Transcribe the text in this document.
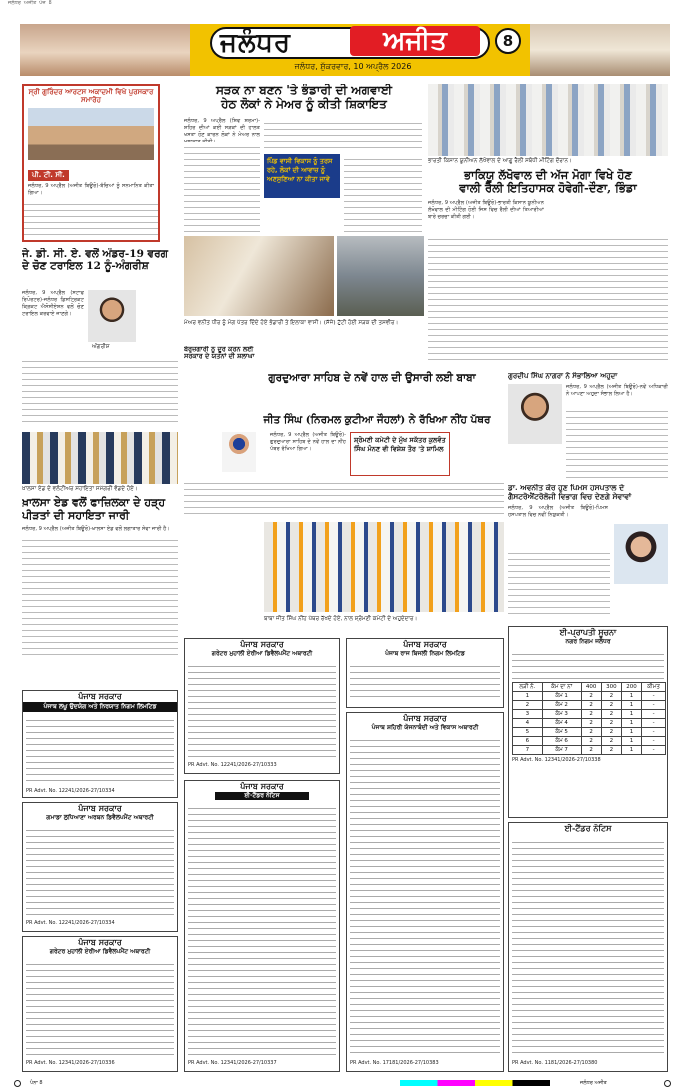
ਜਲੰਧਰ ਅਜੀਤ ਪੇਜ 8
ਜਲੰਧਰ	ਅਜੀਤ	8
ਜਲੰਧਰ, ਸ਼ੁੱਕਰਵਾਰ, 10 ਅਪ੍ਰੈਲ 2026
ਸ੍ਰੀ ਗੁਰਿੰਦਰ ਆਰਟਸ ਅਕਾਦਮੀ ਵਿਖੇ ਪੁਰਸਕਾਰ ਸਮਾਰੋਹ
ਪੀ. ਟੀ. ਸੀ.
ਜਲੰਧਰ, 9 ਅਪ੍ਰੈਲ (ਅਜੀਤ ਬਿਊਰੋ)-ਬੱਚਿਆਂ ਨੂੰ ਸਨਮਾਨਿਤ ਕੀਤਾ ਗਿਆ।
ਜੇ. ਡੀ. ਸੀ. ਏ. ਵਲੋਂ ਅੰਡਰ-19 ਵਰਗ ਦੇ ਚੋਣ ਟਰਾਇਲ 12 ਨੂੰ-ਅੰਗਰੀਸ਼
ਅੰਗਰੀਸ਼
ਜਲੰਧਰ, 9 ਅਪ੍ਰੈਲ (ਸਟਾਫ ਰਿਪੋਰਟਰ)-ਜਲੰਧਰ ਡਿਸਟ੍ਰਿਕਟ ਕ੍ਰਿਕਟ ਐਸੋਸੀਏਸ਼ਨ ਵਲੋਂ ਚੋਣ ਟਰਾਇਲ ਕਰਵਾਏ ਜਾਣਗੇ।
ਸੜਕ ਨਾ ਬਣਨ 'ਤੇ ਭੰਡਾਰੀ ਦੀ ਅਗਵਾਈ
ਹੇਠ ਲੋਕਾਂ ਨੇ ਮੇਅਰ ਨੂੰ ਕੀਤੀ ਸ਼ਿਕਾਇਤ
ਜਲੰਧਰ, 9 ਅਪ੍ਰੈਲ (ਸ਼ਿਵ ਸ਼ਰਮਾ)-ਸ਼ਹਿਰ ਦੀਆਂ ਕਈ ਸੜਕਾਂ ਦੀ ਹਾਲਤ ਖਸਤਾ ਹੋਣ ਕਾਰਨ ਲੋਕਾਂ ਨੇ ਮੇਅਰ ਨਾਲ
ਪਿੰਡ ਵਾਸੀ ਵਿਕਾਸ ਨੂੰ ਤਰਸ ਰਹੇ, ਲੋਕਾਂ ਦੀ ਆਵਾਜ਼ ਨੂੰ ਅਣਸੁਣਿਆ ਨਾ ਕੀਤਾ ਜਾਵੇ
ਮੇਅਰ ਵਨੀਤ ਧੀਰ ਨੂੰ ਮੰਗ ਪੱਤਰ ਦਿੰਦੇ ਹੋਏ ਭੰਡਾਰੀ ਤੇ ਇਲਾਕਾ ਵਾਸੀ। (ਸੱਜੇ) ਟੁੱਟੀ ਹੋਈ ਸੜਕ ਦੀ ਤਸਵੀਰ।
ਭਾਰਤੀ ਕਿਸਾਨ ਯੂਨੀਅਨ ਲੱਖੋਵਾਲ ਦੇ ਆਗੂ ਰੈਲੀ ਸਬੰਧੀ ਮੀਟਿੰਗ ਦੌਰਾਨ।
ਭਾਕਿਯੂ ਲੱਖੋਵਾਲ ਦੀ ਅੱਜ ਮੋਗਾ ਵਿਖੇ ਹੋਣ
ਵਾਲੀ ਰੈਲੀ ਇਤਿਹਾਸਕ ਹੋਵੇਗੀ-ਦੌਣਾ, ਭਿੰਡਾ
ਜਲੰਧਰ, 9 ਅਪ੍ਰੈਲ (ਅਜੀਤ ਬਿਊਰੋ)-ਭਾਰਤੀ ਕਿਸਾਨ ਯੂਨੀਅਨ ਲੱਖੋਵਾਲ ਦੀ ਮੀਟਿੰਗ ਹੋਈ ਜਿਸ ਵਿਚ ਰੈਲੀ ਦੀਆਂ ਤਿਆਰੀਆਂ ਬਾਰੇ ਚਰਚਾ ਕੀਤੀ ਗਈ।
ਬੇਰੁਜ਼ਗਾਰੀ ਨੂੰ ਦੂਰ ਕਰਨ ਲਈ ਸਰਕਾਰ ਦੇ ਯਤਨਾਂ ਦੀ ਸ਼ਲਾਘਾ
ਗੁਰਦੁਆਰਾ ਸਾਹਿਬ ਦੇ ਨਵੇਂ ਹਾਲ ਦੀ ਉਸਾਰੀ ਲਈ ਬਾਬਾ
ਜੀਤ ਸਿੰਘ (ਨਿਰਮਲ ਕੁਟੀਆ ਜੌਹਲਾਂ) ਨੇ ਰੱਖਿਆ ਨੀਂਹ ਪੱਥਰ
ਸ਼੍ਰੋਮਣੀ ਕਮੇਟੀ ਦੇ ਮੁੱਖ ਸਕੱਤਰ ਕੁਲਵੰਤ ਸਿੰਘ ਮੰਨਣ ਵੀ ਵਿਸ਼ੇਸ਼ ਤੌਰ 'ਤੇ ਸ਼ਾਮਿਲ
ਜਲੰਧਰ, 9 ਅਪ੍ਰੈਲ (ਅਜੀਤ ਬਿਊਰੋ)-ਗੁਰਦੁਆਰਾ ਸਾਹਿਬ ਦੇ ਨਵੇਂ ਹਾਲ ਦਾ ਨੀਂਹ ਪੱਥਰ ਰੱਖਿਆ ਗਿਆ।
ਬਾਬਾ ਜੀਤ ਸਿੰਘ ਨੀਂਹ ਪੱਥਰ ਰੱਖਦੇ ਹੋਏ, ਨਾਲ ਸ਼੍ਰੋਮਣੀ ਕਮੇਟੀ ਦੇ ਅਹੁਦੇਦਾਰ।
ਖ਼ਾਲਸਾ ਏਡ ਦੇ ਵਲੰਟੀਅਰ ਸਹਾਇਤਾ ਸਮੱਗਰੀ ਵੰਡਦੇ ਹੋਏ।
ਖ਼ਾਲਸਾ ਏਡ ਵਲੋਂ ਫਾਜ਼ਿਲਕਾ ਦੇ ਹੜ੍ਹ ਪੀੜਤਾਂ ਦੀ ਸਹਾਇਤਾ ਜਾਰੀ
ਜਲੰਧਰ, 9 ਅਪ੍ਰੈਲ (ਅਜੀਤ ਬਿਊਰੋ)-ਖ਼ਾਲਸਾ ਏਡ ਵਲੋਂ ਲਗਾਤਾਰ ਸੇਵਾ ਜਾਰੀ ਹੈ।
ਗੁਰਦੀਪ ਸਿੰਘ ਨਾਗਰਾ ਨੇ ਸੰਭਾਲਿਆ ਅਹੁਦਾ
ਜਲੰਧਰ, 9 ਅਪ੍ਰੈਲ (ਅਜੀਤ ਬਿਊਰੋ)-ਨਵੇਂ ਅਧਿਕਾਰੀ ਨੇ ਆਪਣਾ ਅਹੁਦਾ ਸੰਭਾਲ ਲਿਆ ਹੈ।
ਡਾ. ਅਵਨੀਤ ਕੌਰ ਹੁਣ ਪਿਮਸ ਹਸਪਤਾਲ ਦੇ ਗੈਸਟਰੋਐਂਟਰੋਲੋਜੀ ਵਿਭਾਗ ਵਿਚ ਦੇਣਗੇ ਸੇਵਾਵਾਂ
ਜਲੰਧਰ, 9 ਅਪ੍ਰੈਲ (ਅਜੀਤ ਬਿਊਰੋ)-ਪਿਮਸ ਹਸਪਤਾਲ ਵਿਚ ਨਵੀਂ ਨਿਯੁਕਤੀ।
ਪੰਜਾਬ ਸਰਕਾਰ
ਪੰਜਾਬ ਲਘੂ ਉਦਯੋਗ ਅਤੇ ਨਿਰਯਾਤ ਨਿਗਮ ਲਿਮਟਿਡ
PR Advt. No. 12241/2026-27/10334
ਪੰਜਾਬ ਸਰਕਾਰ
ਗਮਾਡਾ ਲੁਧਿਆਣਾ ਅਰਬਨ ਡਿਵੈਲਪਮੈਂਟ ਅਥਾਰਟੀ
PR Advt. No. 12241/2026-27/10334
ਪੰਜਾਬ ਸਰਕਾਰ
ਗਰੇਟਰ ਮੁਹਾਲੀ ਏਰੀਆ ਡਿਵੈਲਪਮੈਂਟ ਅਥਾਰਟੀ
PR Advt. No. 12341/2026-27/10336
ਪੰਜਾਬ ਸਰਕਾਰ
ਗਰੇਟਰ ਮੁਹਾਲੀ ਏਰੀਆ ਡਿਵੈਲਪਮੈਂਟ ਅਥਾਰਟੀ
PR Advt. No. 12241/2026-27/10333
ਪੰਜਾਬ ਸਰਕਾਰ
ਈ-ਟੈਂਡਰ ਨੋਟਿਸ
PR Advt. No. 12341/2026-27/10337
ਪੰਜਾਬ ਸਰਕਾਰ
ਪੰਜਾਬ ਰਾਜ ਬਿਜਲੀ ਨਿਗਮ ਲਿਮਟਿਡ
ਪੰਜਾਬ ਸਰਕਾਰ
ਪੰਜਾਬ ਸ਼ਹਿਰੀ ਯੋਜਨਾਬੰਦੀ ਅਤੇ ਵਿਕਾਸ ਅਥਾਰਟੀ
PR Advt. No. 17181/2026-27/10383
ਈ-ਪ੍ਰਾਪਤੀ ਸੂਚਨਾ
ਨਗਰ ਨਿਗਮ ਜਲੰਧਰ
ਲੜੀ ਨੰ.	ਕੰਮ ਦਾ ਨਾਂ	400	300	200	ਕੀਮਤ
1	ਕੰਮ 1	2	2	1	-
2	ਕੰਮ 2	2	2	1	-
3	ਕੰਮ 3	2	2	1	-
4	ਕੰਮ 4	2	2	1	-
5	ਕੰਮ 5	2	2	1	-
6	ਕੰਮ 6	2	2	1	-
7	ਕੰਮ 7	2	2	1	-
PR Advt. No. 12341/2026-27/10338
ਈ-ਟੈਂਡਰ ਨੋਟਿਸ
PR Advt. No. 1181/2026-27/10380
ਪੰਨਾ 8	ਜਲੰਧਰ ਅਜੀਤ
